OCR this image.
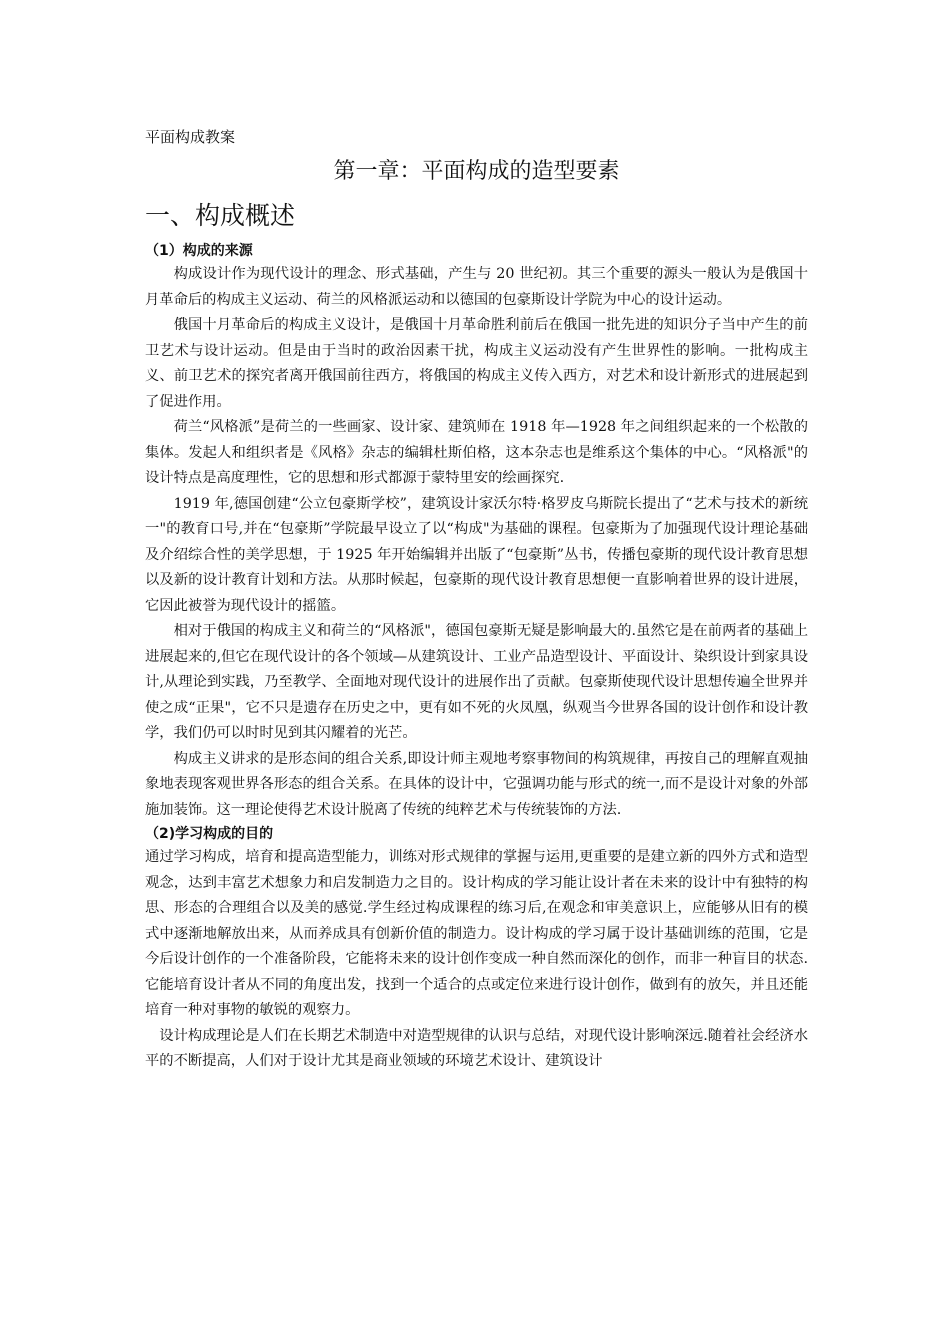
平面构成教案

第一章：平面构成的造型要素
一、构成概述
（1）构成的来源

构成设计作为现代设计的理念、形式基础，产生与 20 世纪初。其三个重要的源头一般认为是俄国十月革命后的构成主义运动、荷兰的风格派运动和以德国的包豪斯设计学院为中心的设计运动。

俄国十月革命后的构成主义设计，是俄国十月革命胜利前后在俄国一批先进的知识分子当中产生的前卫艺术与设计运动。但是由于当时的政治因素干扰，构成主义运动没有产生世界性的影响。一批构成主义、前卫艺术的探究者离开俄国前往西方，将俄国的构成主义传入西方，对艺术和设计新形式的进展起到了促进作用。

荷兰“风格派”是荷兰的一些画家、设计家、建筑师在 1918 年—1928 年之间组织起来的一个松散的集体。发起人和组织者是《风格》杂志的编辑杜斯伯格，这本杂志也是维系这个集体的中心。“风格派"的设计特点是高度理性，它的思想和形式都源于蒙特里安的绘画探究.

1919 年,德国创建“公立包豪斯学校”，建筑设计家沃尔特·格罗皮乌斯院长提出了“艺术与技术的新统一"的教育口号,并在“包豪斯”学院最早设立了以“构成"为基础的课程。包豪斯为了加强现代设计理论基础及介绍综合性的美学思想，于 1925 年开始编辑并出版了“包豪斯”丛书，传播包豪斯的现代设计教育思想以及新的设计教育计划和方法。从那时候起，包豪斯的现代设计教育思想便一直影响着世界的设计进展，它因此被誉为现代设计的摇篮。

相对于俄国的构成主义和荷兰的“风格派"，德国包豪斯无疑是影响最大的.虽然它是在前两者的基础上进展起来的,但它在现代设计的各个领域—从建筑设计、工业产品造型设计、平面设计、染织设计到家具设计,从理论到实践，乃至教学、全面地对现代设计的进展作出了贡献。包豪斯使现代设计思想传遍全世界并使之成“正果"，它不只是遗存在历史之中，更有如不死的火凤凰，纵观当今世界各国的设计创作和设计教学，我们仍可以时时见到其闪耀着的光芒。

构成主义讲求的是形态间的组合关系,即设计师主观地考察事物间的构筑规律，再按自己的理解直观抽象地表现客观世界各形态的组合关系。在具体的设计中，它强调功能与形式的统一,而不是设计对象的外部施加装饰。这一理论使得艺术设计脱离了传统的纯粹艺术与传统装饰的方法.

（2)学习构成的目的

通过学习构成，培育和提高造型能力，训练对形式规律的掌握与运用,更重要的是建立新的四外方式和造型观念，达到丰富艺术想象力和启发制造力之目的。设计构成的学习能让设计者在未来的设计中有独特的构思、形态的合理组合以及美的感觉.学生经过构成课程的练习后,在观念和审美意识上，应能够从旧有的模式中逐渐地解放出来，从而养成具有创新价值的制造力。设计构成的学习属于设计基础训练的范围，它是今后设计创作的一个准备阶段，它能将未来的设计创作变成一种自然而深化的创作，而非一种盲目的状态.它能培育设计者从不同的角度出发，找到一个适合的点或定位来进行设计创作，做到有的放矢，并且还能培育一种对事物的敏锐的观察力。

设计构成理论是人们在长期艺术制造中对造型规律的认识与总结，对现代设计影响深远.随着社会经济水平的不断提高，人们对于设计尤其是商业领域的环境艺术设计、建筑设计
